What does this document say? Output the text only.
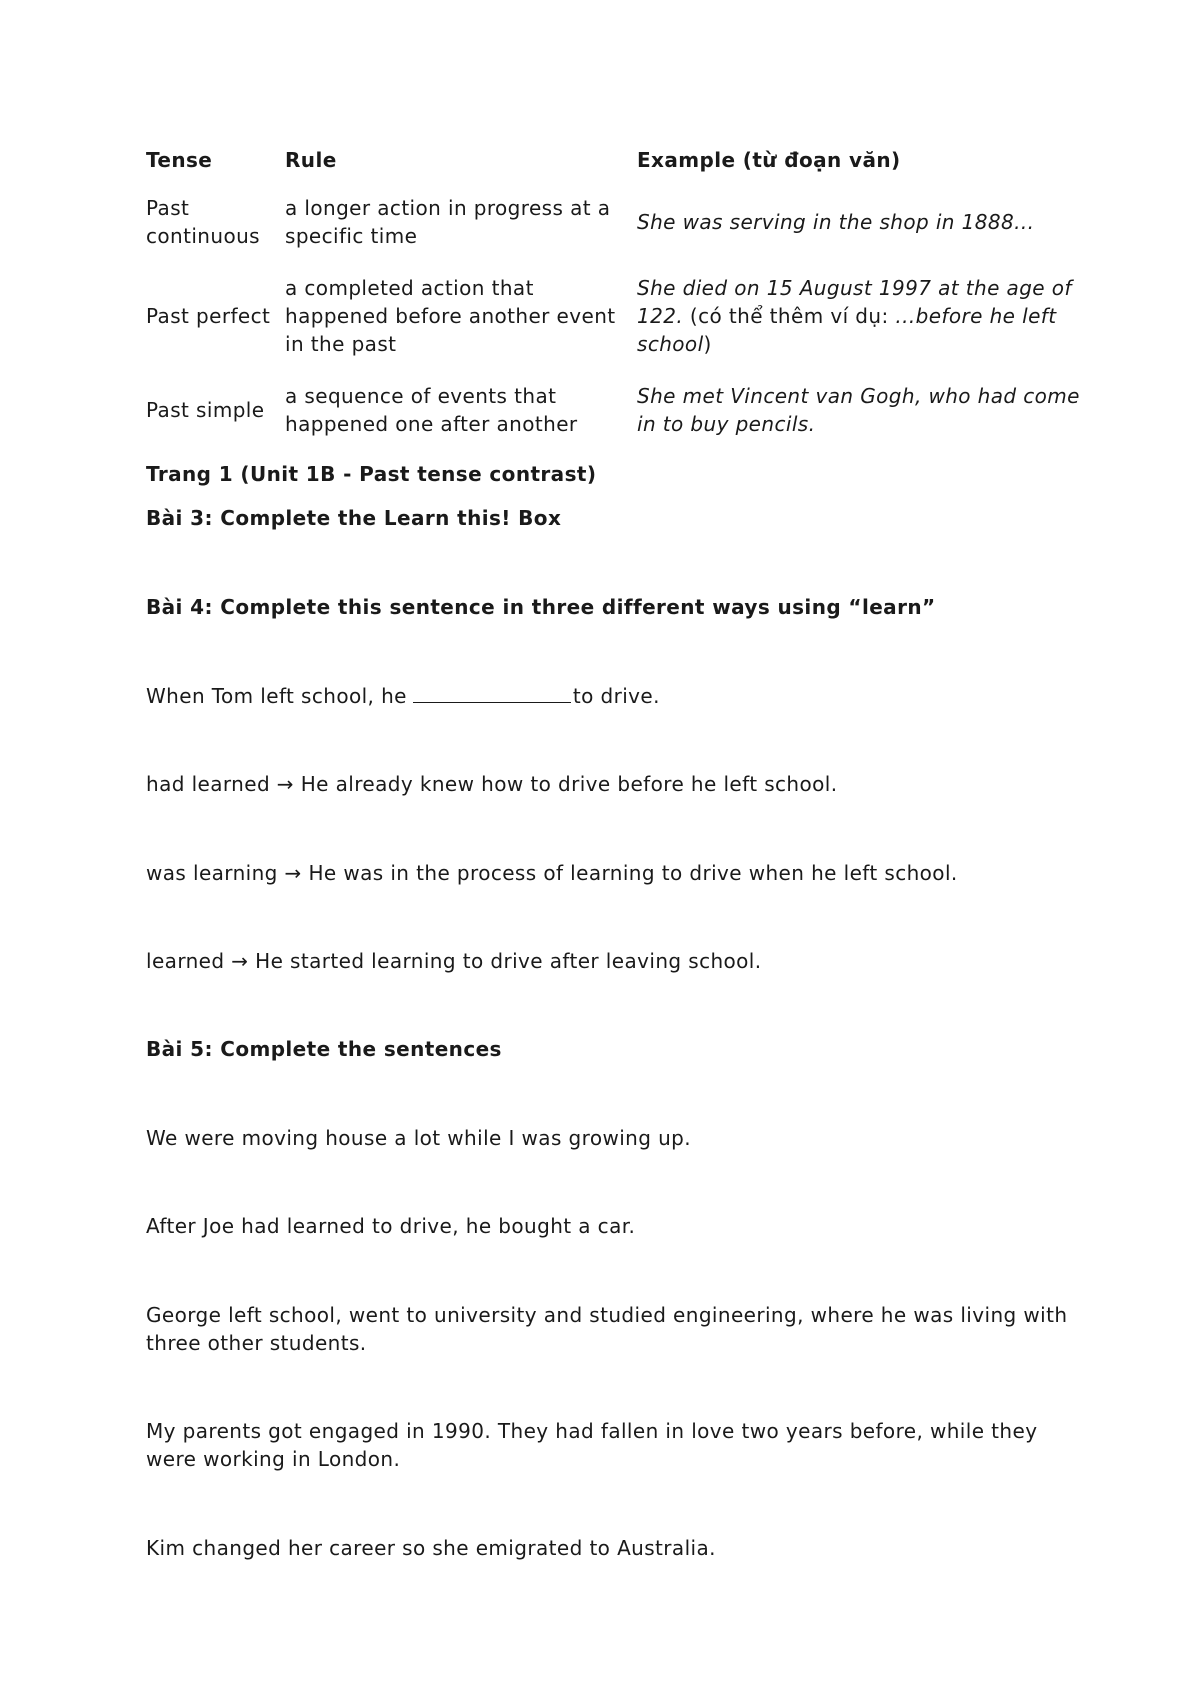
Tense	Rule	Example (từ đoạn văn)
Past continuous	a longer action in progress at a specific time	She was serving in the shop in 1888...
Past perfect	a completed action that happened before another event in the past	She died on 15 August 1997 at the age of 122. (có thể thêm ví dụ: ...before he left school)
Past simple	a sequence of events that happened one after another	She met Vincent van Gogh, who had come in to buy pencils.

Trang 1 (Unit 1B - Past tense contrast)

Bài 3: Complete the Learn this! Box

Bài 4: Complete this sentence in three different ways using “learn”

When Tom left school, he	to drive.

had learned → He already knew how to drive before he left school.

was learning → He was in the process of learning to drive when he left school.

learned → He started learning to drive after leaving school.

Bài 5: Complete the sentences

We were moving house a lot while I was growing up.

After Joe had learned to drive, he bought a car.

George left school, went to university and studied engineering, where he was living with three other students.

My parents got engaged in 1990. They had fallen in love two years before, while they were working in London.

Kim changed her career so she emigrated to Australia.
